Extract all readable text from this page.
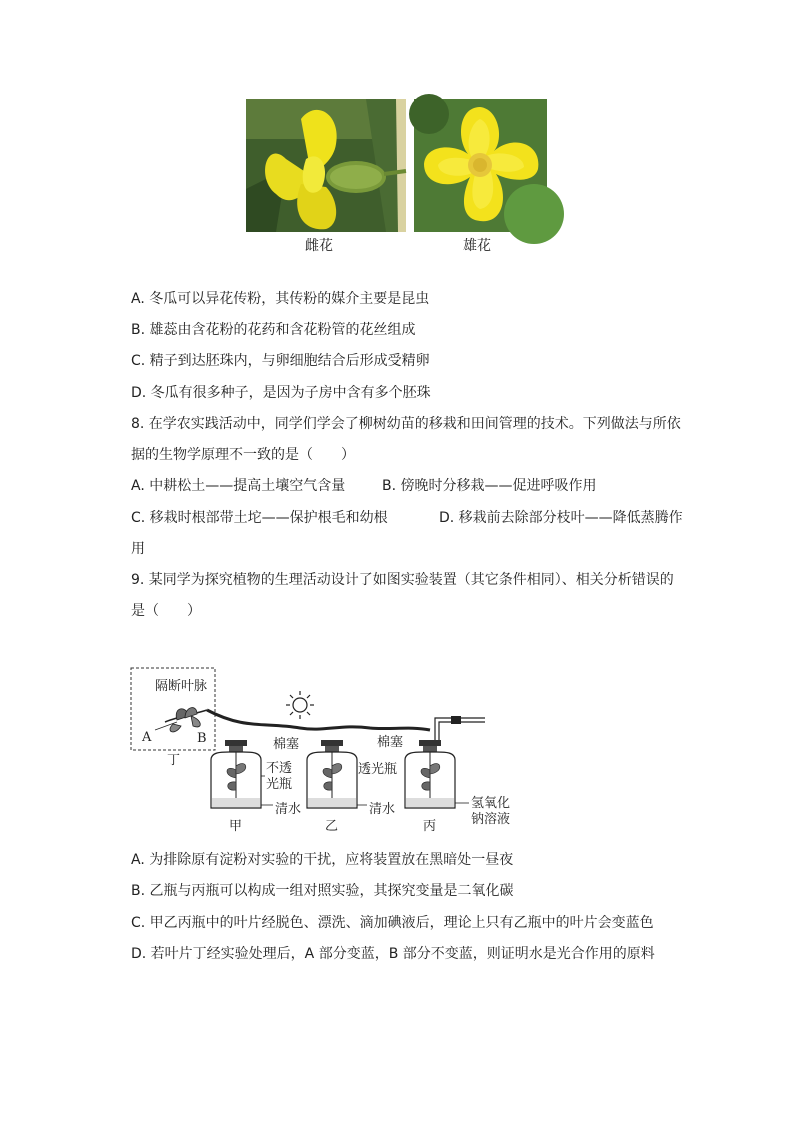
雌花	雄花
A. 冬瓜可以异花传粉，其传粉的媒介主要是昆虫
B. 雄蕊由含花粉的花药和含花粉管的花丝组成
C. 精子到达胚珠内，与卵细胞结合后形成受精卵
D. 冬瓜有很多种子，是因为子房中含有多个胚珠
8. 在学农实践活动中，同学们学会了柳树幼苗的移栽和田间管理的技术。下列做法与所依
据的生物学原理不一致的是（　　）
A. 中耕松土——提高土壤空气含量	B. 傍晚时分移栽——促进呼吸作用
C. 移栽时根部带土坨——保护根毛和幼根	D. 移栽前去除部分枝叶——降低蒸腾作
用
9. 某同学为探究植物的生理活动设计了如图实验装置（其它条件相同）、相关分析错误的
是（　　）
隔断叶脉
A	B
丁
棉塞	棉塞
不透
光瓶
透光瓶
清水	清水	氢氧化
钠溶液
甲	乙	丙
A. 为排除原有淀粉对实验的干扰，应将装置放在黑暗处一昼夜
B. 乙瓶与丙瓶可以构成一组对照实验，其探究变量是二氧化碳
C. 甲乙丙瓶中的叶片经脱色、漂洗、滴加碘液后，理论上只有乙瓶中的叶片会变蓝色
D. 若叶片丁经实验处理后，A 部分变蓝，B 部分不变蓝，则证明水是光合作用的原料
